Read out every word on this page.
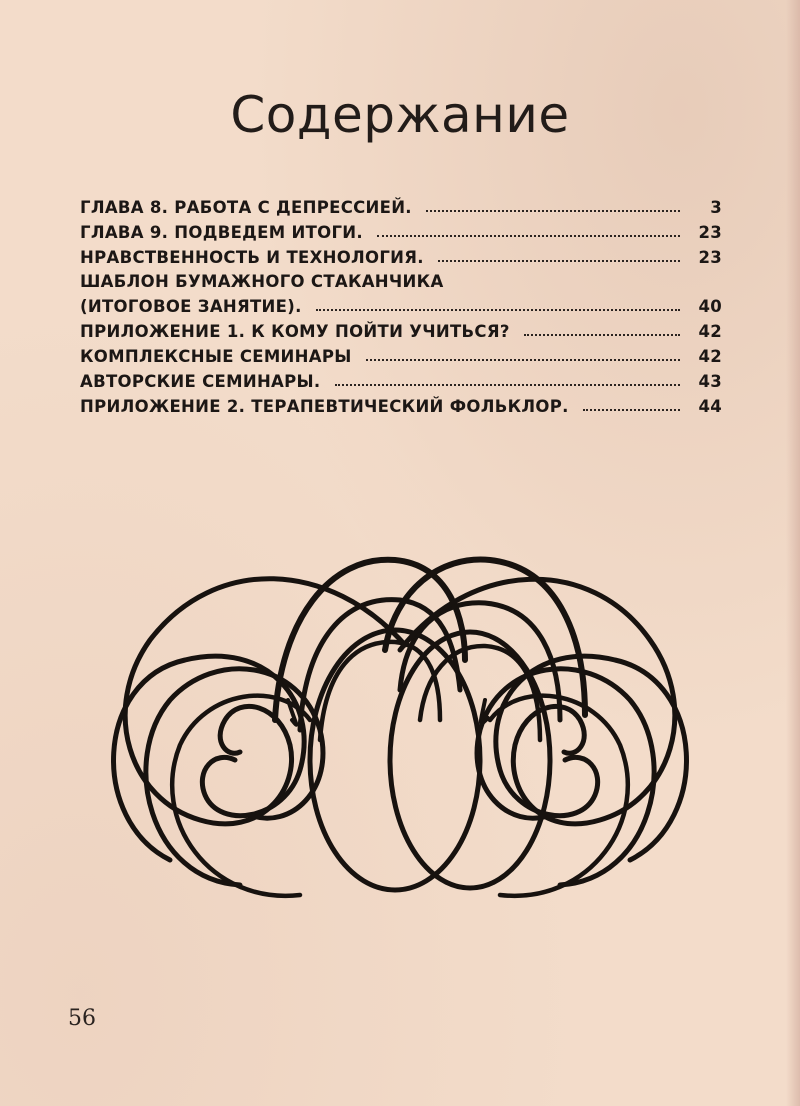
Содержание
ГЛАВА 8. РАБОТА С ДЕПРЕССИЕЙ.	3
ГЛАВА 9. ПОДВЕДЕМ ИТОГИ.	23
НРАВСТВЕННОСТЬ И ТЕХНОЛОГИЯ.	23
ШАБЛОН БУМАЖНОГО СТАКАНЧИКА
(ИТОГОВОЕ ЗАНЯТИЕ).	40
ПРИЛОЖЕНИЕ 1. К КОМУ ПОЙТИ УЧИТЬСЯ?	42
КОМПЛЕКСНЫЕ СЕМИНАРЫ	42
АВТОРСКИЕ СЕМИНАРЫ.	43
ПРИЛОЖЕНИЕ 2. ТЕРАПЕВТИЧЕСКИЙ ФОЛЬКЛОР.	44
56
